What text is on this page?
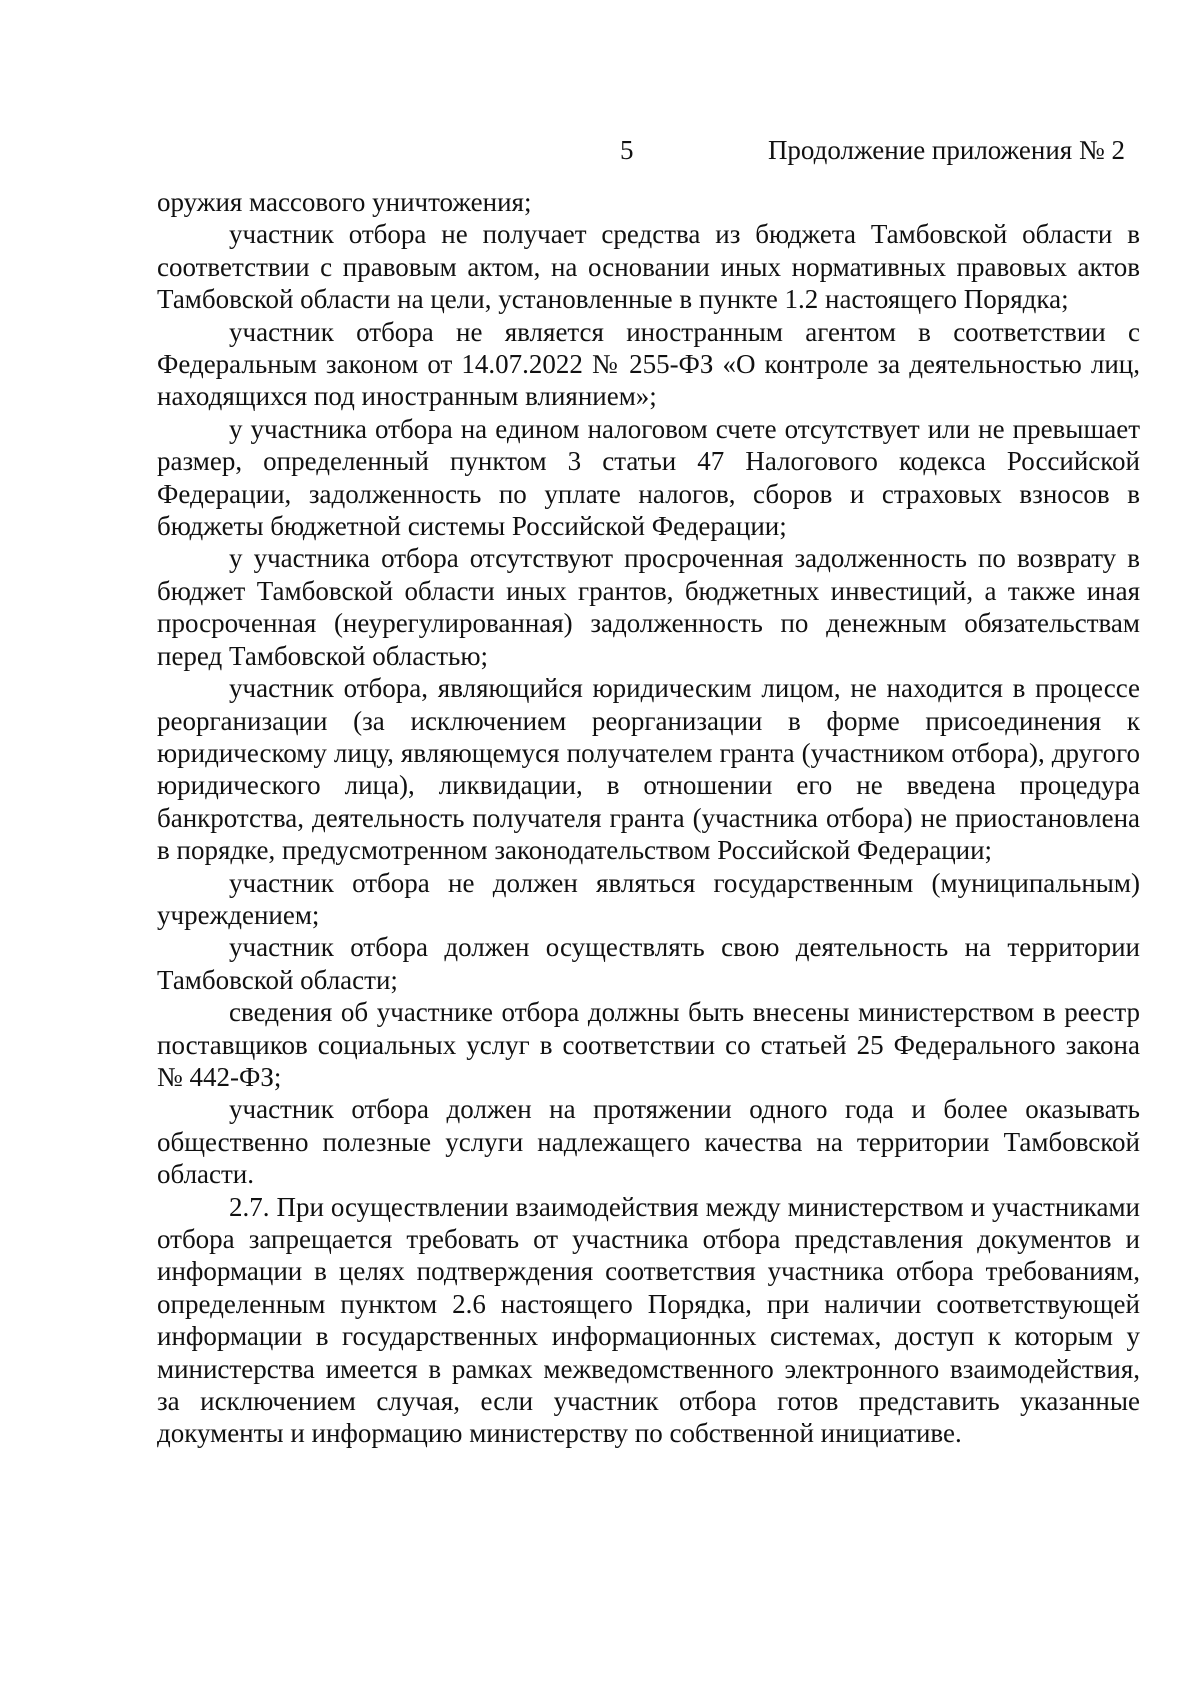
5	Продолжение приложения № 2

оружия массового уничтожения;

участник отбора не получает средства из бюджета Тамбовской области в соответствии с правовым актом, на основании иных нормативных правовых актов Тамбовской области на цели, установленные в пункте 1.2 настоящего Порядка;

участник отбора не является иностранным агентом в соответствии с Федеральным законом от 14.07.2022 № 255-ФЗ «О контроле за деятельностью лиц, находящихся под иностранным влиянием»;

у участника отбора на едином налоговом счете отсутствует или не превышает размер, определенный пунктом 3 статьи 47 Налогового кодекса Российской Федерации, задолженность по уплате налогов, сборов и страховых взносов в бюджеты бюджетной системы Российской Федерации;

у участника отбора отсутствуют просроченная задолженность по возврату в бюджет Тамбовской области иных грантов, бюджетных инвестиций, а также иная просроченная (неурегулированная) задолженность по денежным обязательствам перед Тамбовской областью;

участник отбора, являющийся юридическим лицом, не находится в процессе реорганизации (за исключением реорганизации в форме присоединения к юридическому лицу, являющемуся получателем гранта (участником отбора), другого юридического лица), ликвидации, в отношении его не введена процедура банкротства, деятельность получателя гранта (участника отбора) не приостановлена в порядке, предусмотренном законодательством Российской Федерации;

участник отбора не должен являться государственным (муниципальным) учреждением;

участник отбора должен осуществлять свою деятельность на территории Тамбовской области;

сведения об участнике отбора должны быть внесены министерством в реестр поставщиков социальных услуг в соответствии со статьей 25 Федерального закона № 442-ФЗ;

участник отбора должен на протяжении одного года и более оказывать общественно полезные услуги надлежащего качества на территории Тамбовской области.

2.7. При осуществлении взаимодействия между министерством и участниками отбора запрещается требовать от участника отбора представления документов и информации в целях подтверждения соответствия участника отбора требованиям, определенным пунктом 2.6 настоящего Порядка, при наличии соответствующей информации в государственных информационных системах, доступ к которым у министерства имеется в рамках межведомственного электронного взаимодействия, за исключением случая, если участник отбора готов представить указанные документы и информацию министерству по собственной инициативе.
